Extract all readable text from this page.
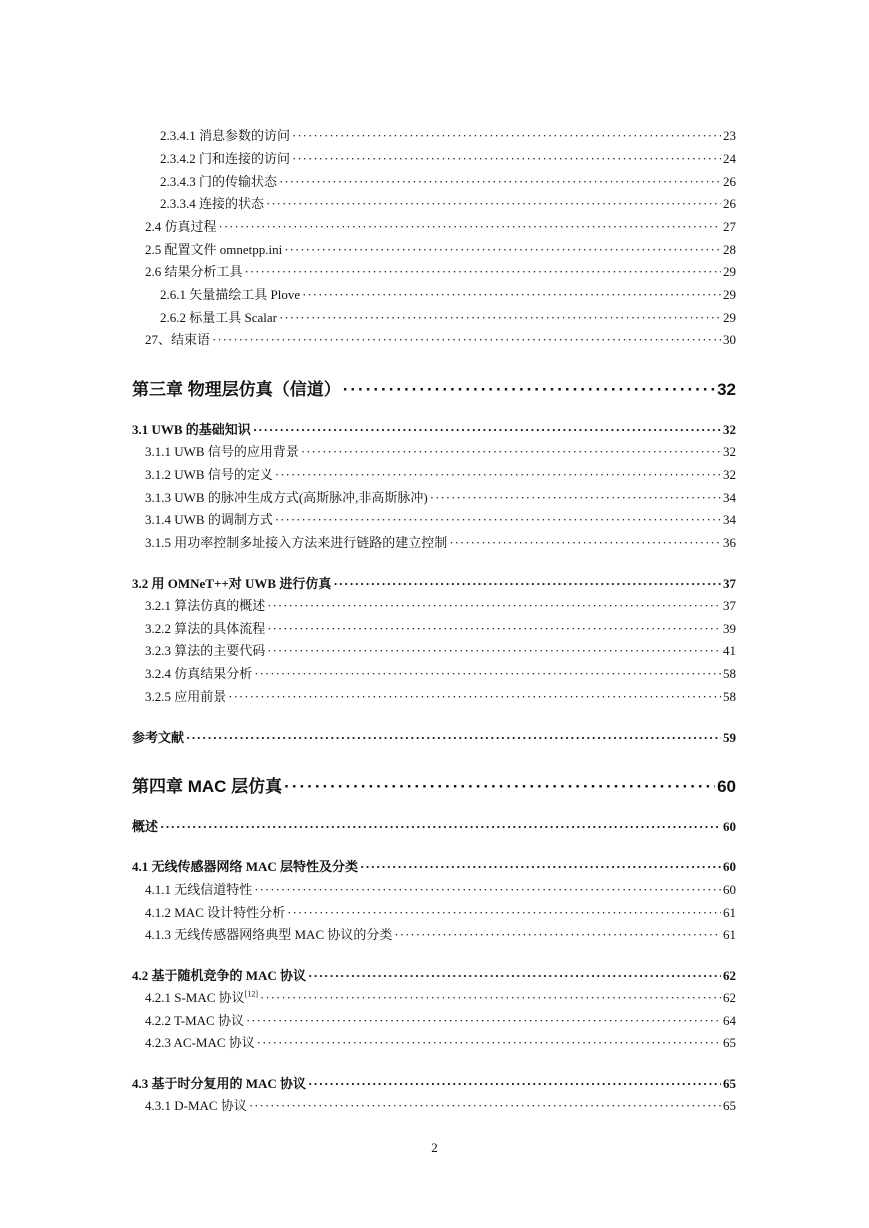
2.3.4.1 消息参数的访问 ·····	23
2.3.4.2 门和连接的访问 ·····	24
2.3.4.3 门的传输状态 ·····	26
2.3.3.4 连接的状态 ·····	26
2.4 仿真过程 ·····	27
2.5 配置文件 omnetpp.ini ·····	28
2.6 结果分析工具 ·····	29
2.6.1 矢量描绘工具 Plove ·····	29
2.6.2 标量工具 Scalar ·····	29
27、结束语 ·····	30
第三章 物理层仿真（信道） ·····	32
3.1 UWB 的基础知识 ·····	32
3.1.1 UWB 信号的应用背景 ·····	32
3.1.2 UWB 信号的定义 ·····	32
3.1.3 UWB 的脉冲生成方式(高斯脉冲,非高斯脉冲) ·····	34
3.1.4 UWB 的调制方式 ·····	34
3.1.5 用功率控制多址接入方法来进行链路的建立控制 ·····	36
3.2 用 OMNeT++对 UWB 进行仿真 ·····	37
3.2.1 算法仿真的概述 ·····	37
3.2.2 算法的具体流程 ·····	39
3.2.3 算法的主要代码 ·····	41
3.2.4 仿真结果分析 ·····	58
3.2.5 应用前景 ·····	58
参考文献 ·····	59
第四章 MAC 层仿真 ·····	60
概述 ·····	60
4.1 无线传感器网络 MAC 层特性及分类 ·····	60
4.1.1 无线信道特性 ·····	60
4.1.2 MAC 设计特性分析 ·····	61
4.1.3 无线传感器网络典型 MAC 协议的分类 ·····	61
4.2 基于随机竞争的 MAC 协议 ·····	62
4.2.1 S-MAC 协议[12] ·····	62
4.2.2 T-MAC 协议 ·····	64
4.2.3 AC-MAC 协议 ·····	65
4.3 基于时分复用的 MAC 协议 ·····	65
4.3.1 D-MAC 协议 ·····	65
2
